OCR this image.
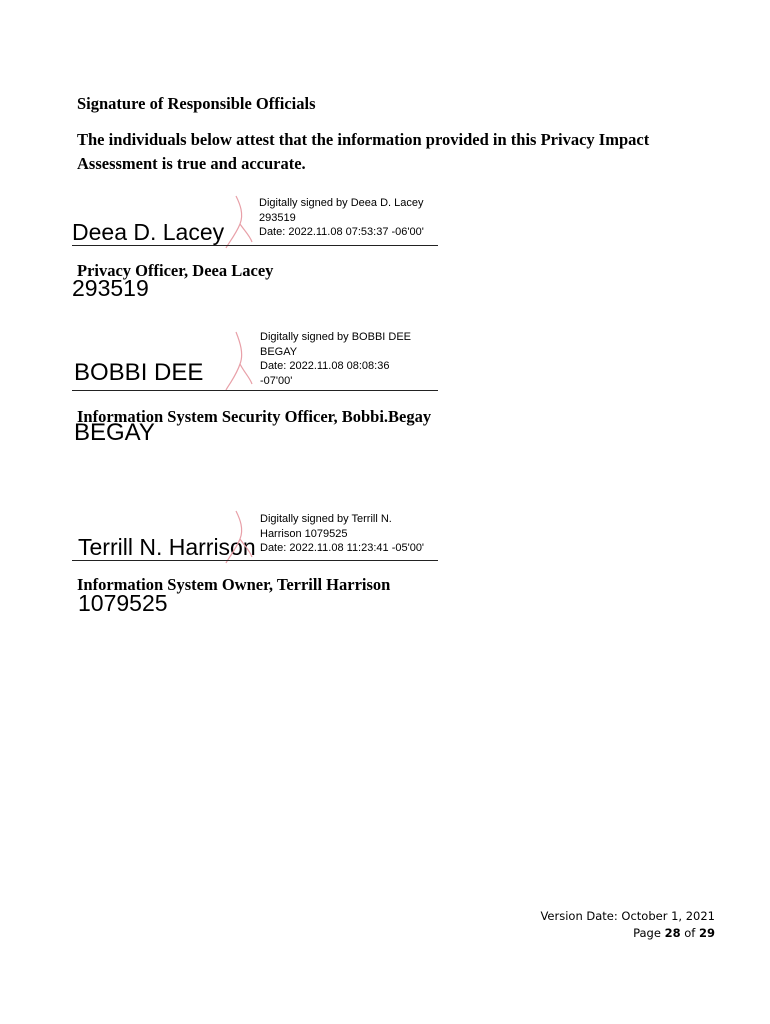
Signature of Responsible Officials
The individuals below attest that the information provided in this Privacy Impact Assessment is true and accurate.

Deea D. Lacey

293519

Digitally signed by Deea D. Lacey
293519
Date: 2022.11.08 07:53:37 -06'00'
Privacy Officer, Deea Lacey

BOBBI DEE

BEGAY

Digitally signed by BOBBI DEE
BEGAY
Date: 2022.11.08 08:08:36
-07'00'
Information System Security Officer, Bobbi.Begay

Terrill N. Harrison

1079525

Digitally signed by Terrill N.
Harrison 1079525
Date: 2022.11.08 11:23:41 -05'00'
Information System Owner, Terrill Harrison
Version Date: October 1, 2021
Page 28 of 29
